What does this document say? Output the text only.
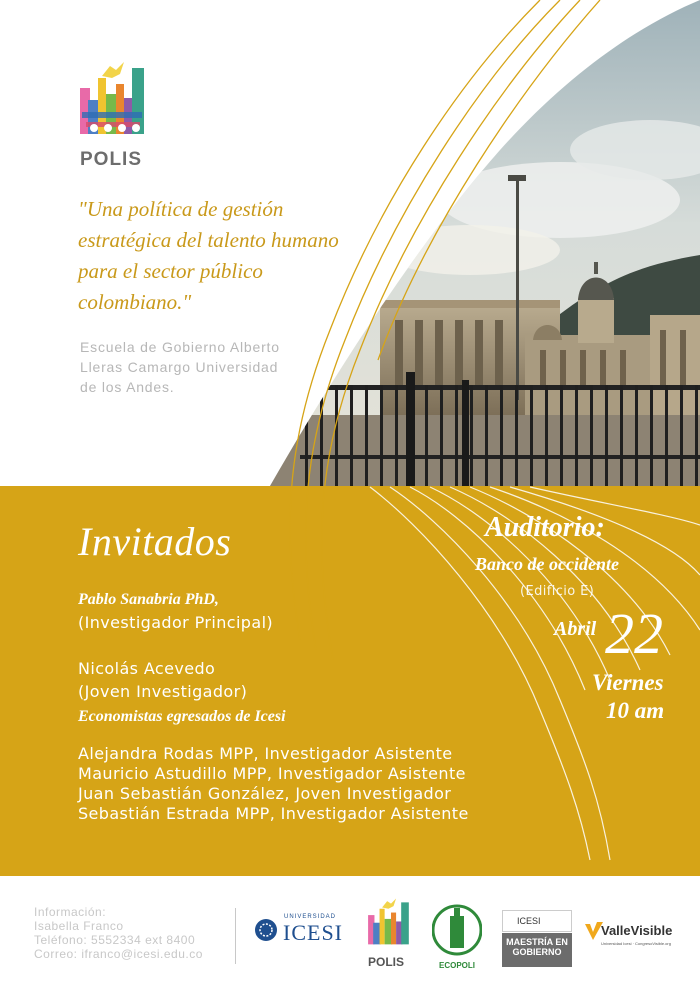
POLIS
"Una política de gestión
estratégica del talento humano
para el sector público
colombiano."
Escuela de Gobierno Alberto
Lleras Camargo Universidad
de los Andes.
Invitados
Pablo Sanabria PhD,
(Investigador Principal)
Nicolás Acevedo
(Joven Investigador)
Economistas egresados de Icesi
Alejandra Rodas MPP, Investigador Asistente
Mauricio Astudillo MPP, Investigador Asistente
Juan Sebastián González, Joven Investigador
Sebastián Estrada MPP, Investigador Asistente
Auditorio:
Banco de occidente
(Edificio E)
Abril 22
Viernes
10 am
Información:
Isabella Franco
Teléfono: 5552334 ext 8400
Correo: ifranco@icesi.edu.co
UNIVERSIDAD
ICESI
POLIS	ECOPOLI
ICESI
MAESTRÍA EN
GOBIERNO
ValleVisible
Universidad Icesi · CongresoVisible.org
